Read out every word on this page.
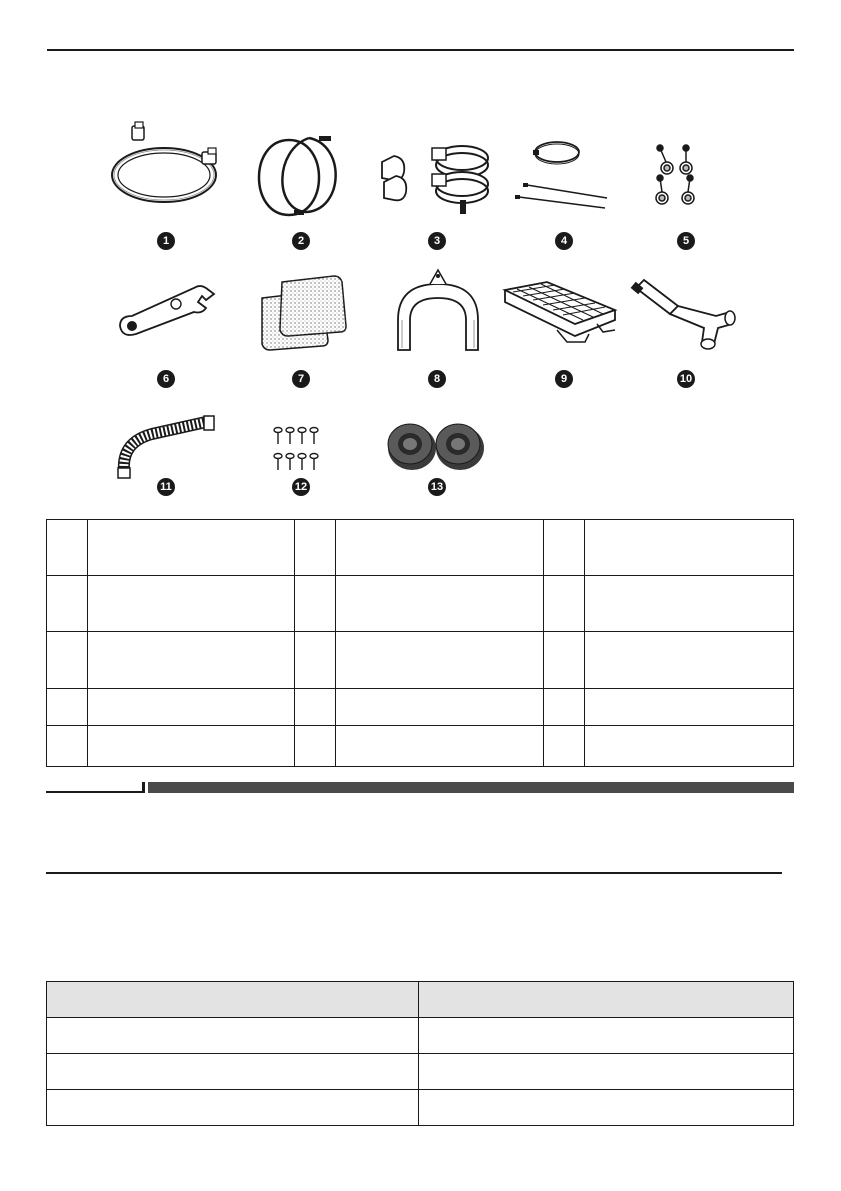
1	2	3	4	5
6	7	8	9	10
11	12	13
